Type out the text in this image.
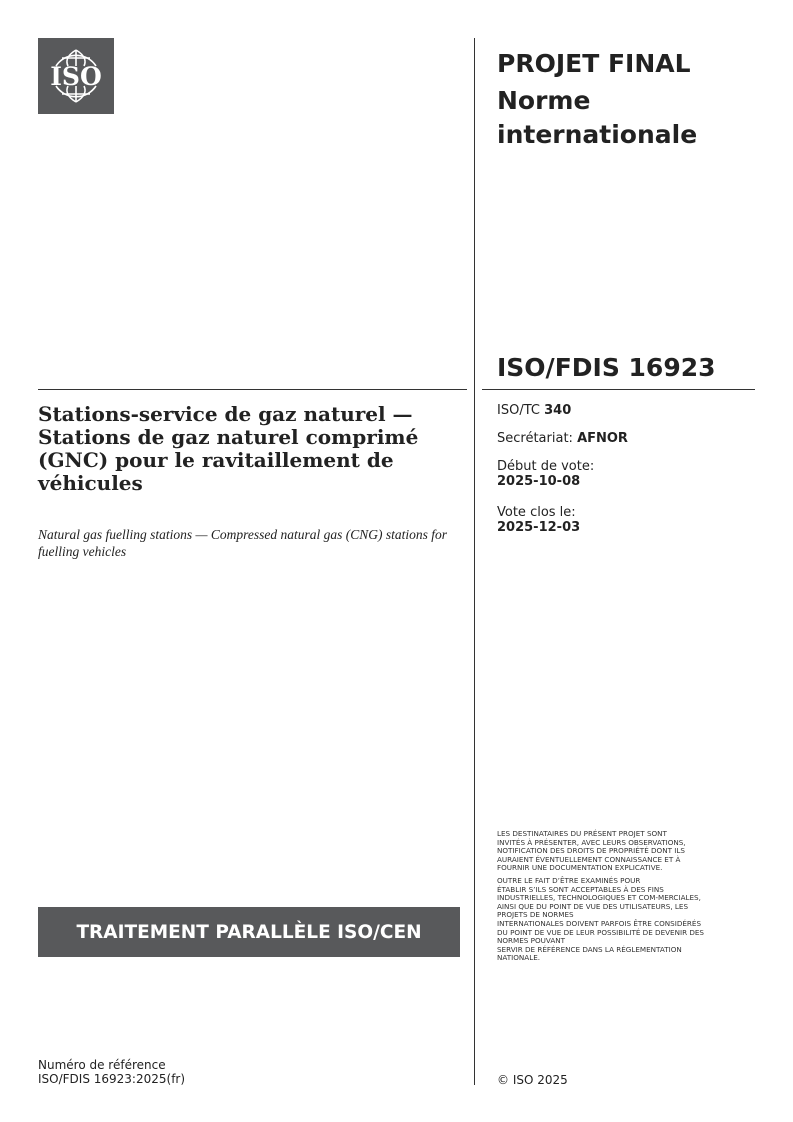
ISO	PROJET FINAL
Norme
internationale
ISO/FDIS 16923
Stations-service de gaz naturel — Stations de gaz naturel comprimé (GNC) pour le ravitaillement de véhicules
Natural gas fuelling stations — Compressed natural gas (CNG) stations for fuelling vehicles
ISO/TC 340
Secrétariat: AFNOR
Début de vote:
2025-10-08
Vote clos le:
2025-12-03

LES DESTINATAIRES DU PRÉSENT PROJET SONT
INVITÉS À PRÉSENTER, AVEC LEURS OBSERVATIONS,
NOTIFICATION DES DROITS DE PROPRIÉTÉ DONT ILS
AURAIENT ÉVENTUELLEMENT CONNAISSANCE ET À
FOURNIR UNE DOCUMENTATION EXPLICATIVE.

OUTRE LE FAIT D’ÊTRE EXAMINÉS POUR
ÉTABLIR S’ILS SONT ACCEPTABLES À DES FINS
INDUSTRIELLES, TECHNOLOGIQUES ET COM-MERCIALES,
AINSI QUE DU POINT DE VUE DES UTILISATEURS, LES
PROJETS DE NORMES
INTERNATIONALES DOIVENT PARFOIS ÊTRE CONSIDÉRÉS
DU POINT DE VUE DE LEUR POSSIBILITÉ DE DEVENIR DES
NORMES POUVANT
SERVIR DE RÉFÉRENCE DANS LA RÉGLEMENTATION
NATIONALE.

TRAITEMENT PARALLÈLE ISO/CEN
Numéro de référence
ISO/FDIS 16923:2025(fr)	© ISO 2025
